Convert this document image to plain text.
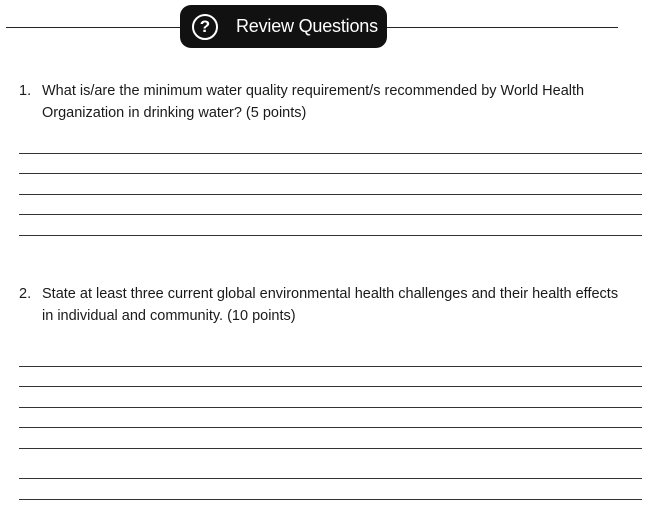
?	Review Questions
1. What is/are the minimum water quality requirement/s recommended by World Health Organization in drinking water? (5 points)
2. State at least three current global environmental health challenges and their health effects in individual and community. (10 points)
